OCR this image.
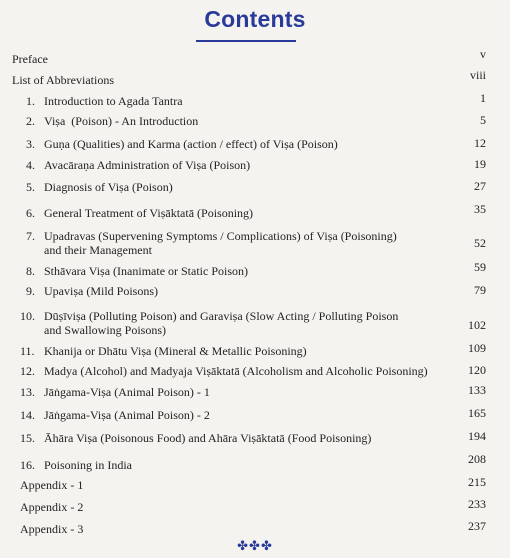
Contents
Preface	v
List of Abbreviations	viii
1. Introduction to Agada Tantra	1
2. Viṣa  (Poison) - An Introduction	5
3. Guṇa (Qualities) and Karma (action / effect) of Viṣa (Poison)	12
4. Avacāraṇa Administration of Viṣa (Poison)	19
5. Diagnosis of Viṣa (Poison)	27
6. General Treatment of Viṣāktatā (Poisoning)	35
7. Upadravas (Supervening Symptoms / Complications) of Viṣa (Poisoning)
and their Management	52
8. Sthāvara Viṣa (Inanimate or Static Poison)	59
9. Upaviṣa (Mild Poisons)	79
10. Dūṣīviṣa (Polluting Poison) and Garaviṣa (Slow Acting / Polluting Poison
and Swallowing Poisons)	102
11. Khanija or Dhātu Viṣa (Mineral & Metallic Poisoning)	109
12. Madya (Alcohol) and Madyaja Viṣāktatā (Alcoholism and Alcoholic Poisoning)	120
13. Jāṅgama-Viṣa (Animal Poison) - 1	133
14. Jāṅgama-Viṣa (Animal Poison) - 2	165
15. Āhāra Viṣa (Poisonous Food) and Ahāra Viṣāktatā (Food Poisoning)	194
16. Poisoning in India	208
Appendix - 1	215
Appendix - 2	233
Appendix - 3	237
✤✤✤
